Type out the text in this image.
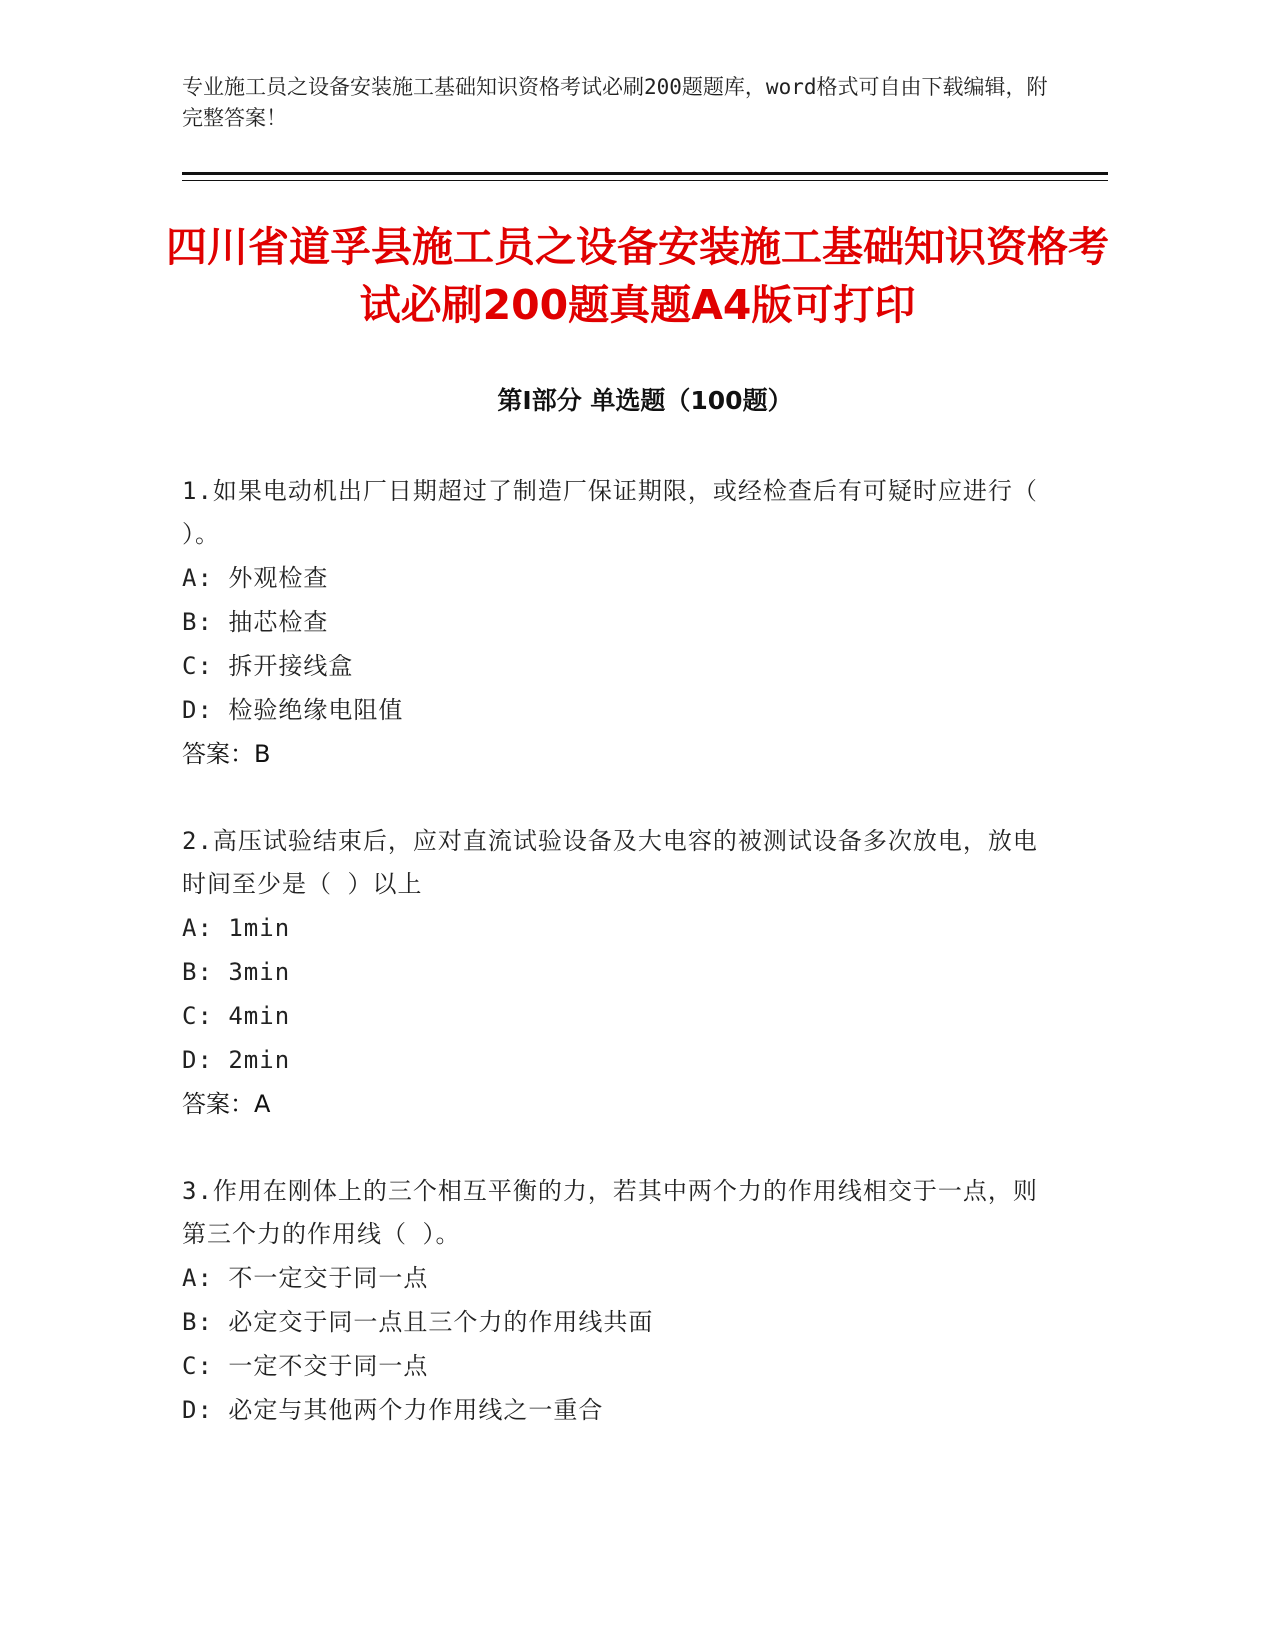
专业施工员之设备安装施工基础知识资格考试必刷200题题库，word格式可自由下载编辑，附完整答案！
四川省道孚县施工员之设备安装施工基础知识资格考试必刷200题真题A4版可打印
第Ⅰ部分 单选题（100题）
1.如果电动机出厂日期超过了制造厂保证期限，或经检查后有可疑时应进行（ ）。
A: 外观检查
B: 抽芯检查
C: 拆开接线盒
D: 检验绝缘电阻值
答案：B
2.高压试验结束后，应对直流试验设备及大电容的被测试设备多次放电，放电时间至少是（ ）以上
A: 1min
B: 3min
C: 4min
D: 2min
答案：A
3.作用在刚体上的三个相互平衡的力，若其中两个力的作用线相交于一点，则第三个力的作用线（ ）。
A: 不一定交于同一点
B: 必定交于同一点且三个力的作用线共面
C: 一定不交于同一点
D: 必定与其他两个力作用线之一重合
